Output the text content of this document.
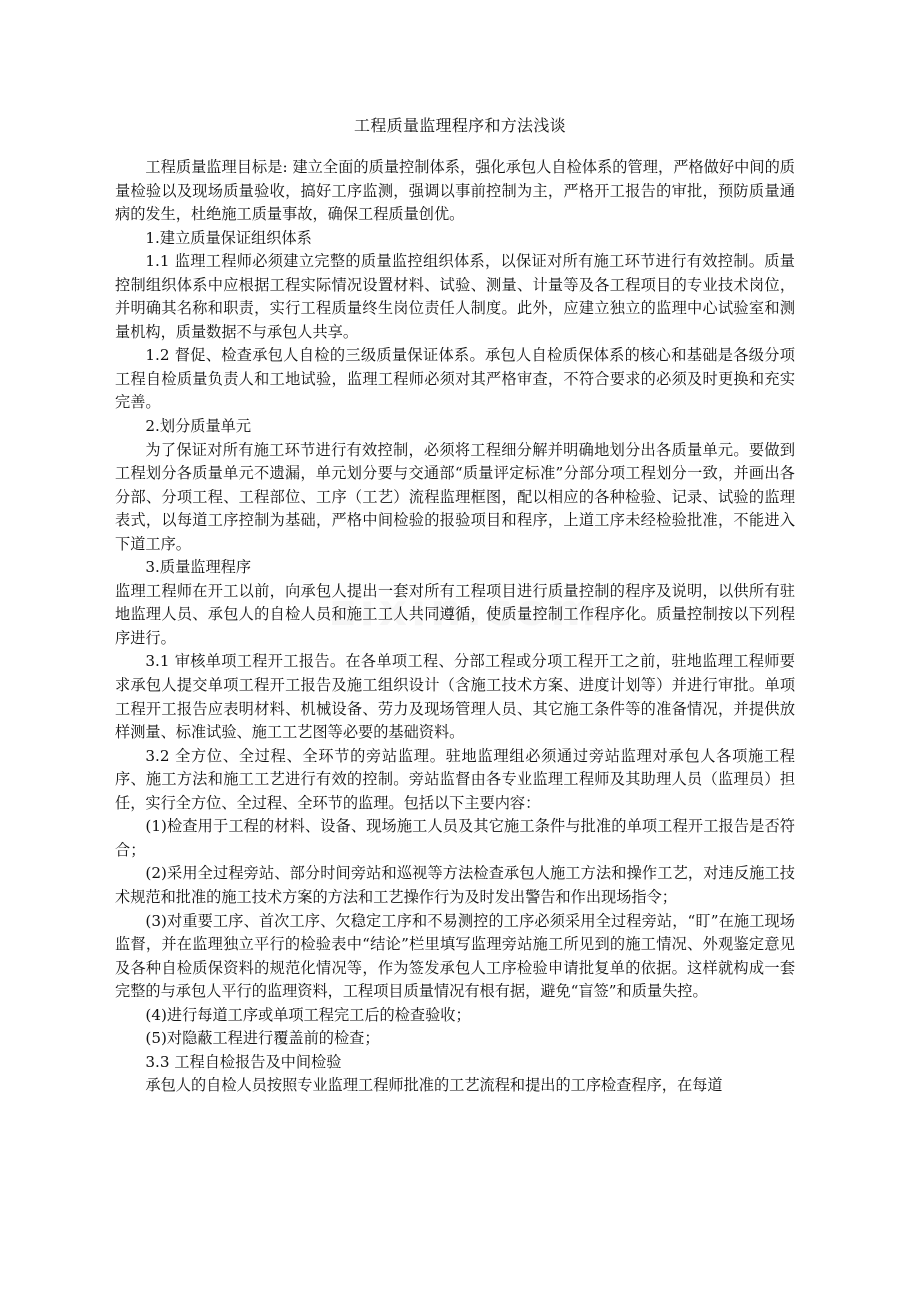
工程质量监理程序和方法浅谈

工程质量监理目标是: 建立全面的质量控制体系，强化承包人自检体系的管理，严格做好中间的质量检验以及现场质量验收，搞好工序监测，强调以事前控制为主，严格开工报告的审批，预防质量通病的发生，杜绝施工质量事故，确保工程质量创优。

1.建立质量保证组织体系

1.1 监理工程师必须建立完整的质量监控组织体系，以保证对所有施工环节进行有效控制。质量控制组织体系中应根据工程实际情况设置材料、试验、测量、计量等及各工程项目的专业技术岗位，并明确其名称和职责，实行工程质量终生岗位责任人制度。此外，应建立独立的监理中心试验室和测量机构，质量数据不与承包人共享。

1.2 督促、检查承包人自检的三级质量保证体系。承包人自检质保体系的核心和基础是各级分项工程自检质量负责人和工地试验，监理工程师必须对其严格审查，不符合要求的必须及时更换和充实完善。

2.划分质量单元

为了保证对所有施工环节进行有效控制，必须将工程细分解并明确地划分出各质量单元。要做到工程划分各质量单元不遗漏，单元划分要与交通部“质量评定标准”分部分项工程划分一致，并画出各分部、分项工程、工程部位、工序（工艺）流程监理框图，配以相应的各种检验、记录、试验的监理表式，以每道工序控制为基础，严格中间检验的报验项目和程序，上道工序未经检验批准，不能进入下道工序。

3.质量监理程序

监理工程师在开工以前，向承包人提出一套对所有工程项目进行质量控制的程序及说明，以供所有驻地监理人员、承包人的自检人员和施工工人共同遵循，使质量控制工作程序化。质量控制按以下列程序进行。

3.1 审核单项工程开工报告。在各单项工程、分部工程或分项工程开工之前，驻地监理工程师要求承包人提交单项工程开工报告及施工组织设计（含施工技术方案、进度计划等）并进行审批。单项工程开工报告应表明材料、机械设备、劳力及现场管理人员、其它施工条件等的准备情况，并提供放样测量、标准试验、施工工艺图等必要的基础资料。

3.2 全方位、全过程、全环节的旁站监理。驻地监理组必须通过旁站监理对承包人各项施工程序、施工方法和施工工艺进行有效的控制。旁站监督由各专业监理工程师及其助理人员（监理员）担任，实行全方位、全过程、全环节的监理。包括以下主要内容：

(1)检查用于工程的材料、设备、现场施工人员及其它施工条件与批准的单项工程开工报告是否符合；

(2)采用全过程旁站、部分时间旁站和巡视等方法检查承包人施工方法和操作工艺，对违反施工技术规范和批准的施工技术方案的方法和工艺操作行为及时发出警告和作出现场指令；

(3)对重要工序、首次工序、欠稳定工序和不易测控的工序必须采用全过程旁站，“盯”在施工现场监督，并在监理独立平行的检验表中“结论”栏里填写监理旁站施工所见到的施工情况、外观鉴定意见及各种自检质保资料的规范化情况等，作为签发承包人工序检验申请批复单的依据。这样就构成一套完整的与承包人平行的监理资料，工程项目质量情况有根有据，避免“盲签”和质量失控。

(4)进行每道工序或单项工程完工后的检查验收；

(5)对隐蔽工程进行覆盖前的检查；

3.3 工程自检报告及中间检验

承包人的自检人员按照专业监理工程师批准的工艺流程和提出的工序检查程序，在每道
